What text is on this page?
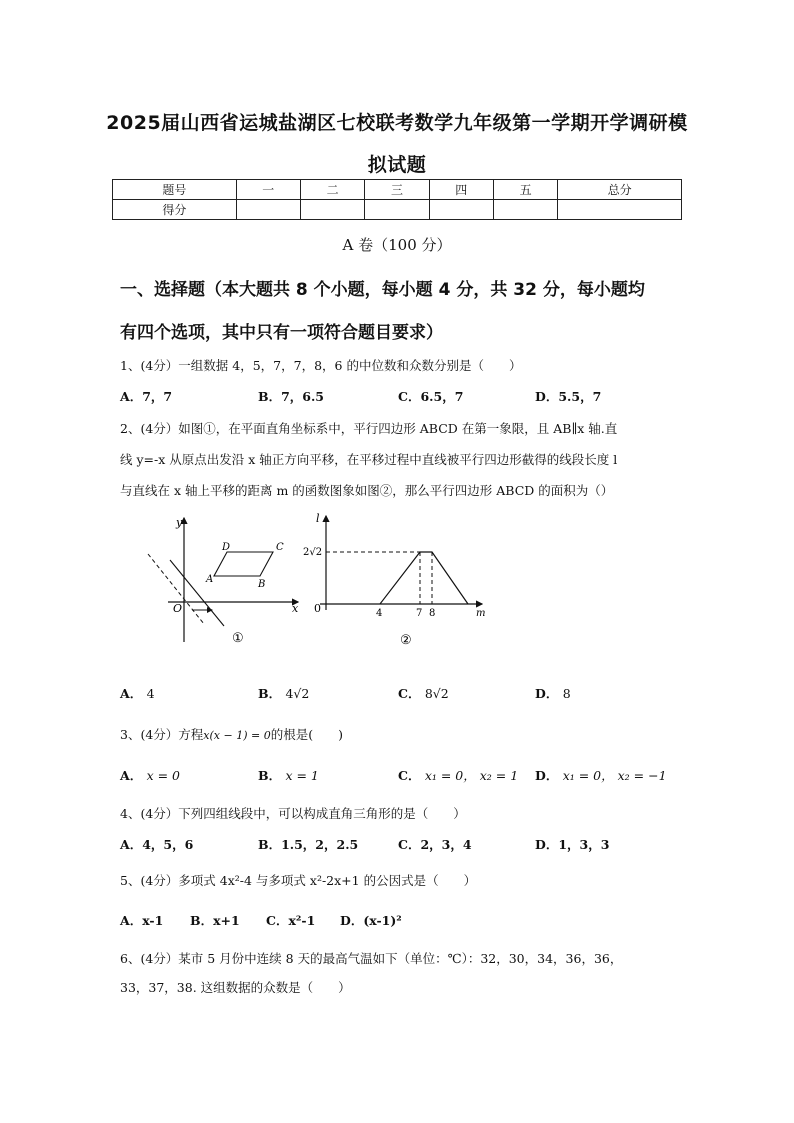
2025届山西省运城盐湖区七校联考数学九年级第一学期开学调研模
拟试题
题号	一	二	三	四	五	总分
得分						
A 卷（100 分）
一、选择题（本大题共 8 个小题，每小题 4 分，共 32 分，每小题均
有四个选项，其中只有一项符合题目要求）
1、(4分）一组数据 4，5，7，7，8，6 的中位数和众数分别是（　　）
A．7，7	B．7，6.5	C．6.5，7	D．5.5，7
2、(4分）如图①，在平面直角坐标系中，平行四边形 ABCD 在第一象限，且 AB∥x 轴.直
线 y=-x 从原点出发沿 x 轴正方向平移，在平移过程中直线被平行四边形截得的线段长度 l
与直线在 x 轴上平移的距离 m 的函数图象如图②，那么平行四边形 ABCD 的面积为（）
y
x
O
A	B
C
D
①
l
m
0
2√2
4	7 8
②
A． 4	B． 4√2	C． 8√2	D． 8
3、(4分）方程x(x − 1) = 0的根是(　　)
A． x = 0	B． x = 1	C． x₁ = 0， x₂ = 1 D． x₁ = 0， x₂ = −1
4、(4分）下列四组线段中，可以构成直角三角形的是（　　）
A．4，5，6	B．1.5，2，2.5	C．2，3，4	D．1，3，3
5、(4分）多项式 4x²-4 与多项式 x²-2x+1 的公因式是（　　）
A．x-1 B．x+1 C．x²-1 D．(x-1)²
6、(4分）某市 5 月份中连续 8 天的最高气温如下（单位：℃）：32，30，34，36，36，
33，37，38. 这组数据的众数是（　　）
